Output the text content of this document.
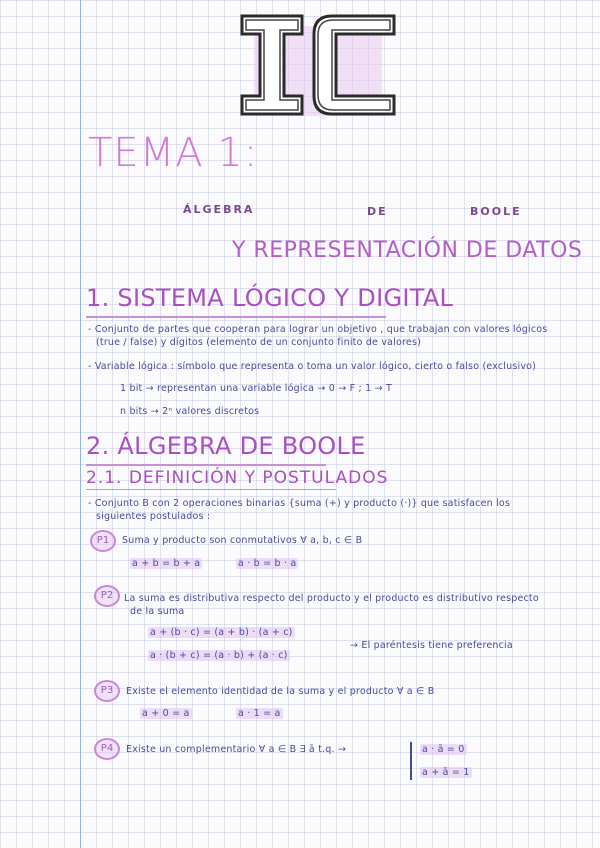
IC
TEMA 1:
ÁLGEBRA	DE	BOOLE
Y REPRESENTACIÓN DE DATOS
1. SISTEMA LÓGICO Y DIGITAL
- Conjunto de partes que cooperan para lograr un objetivo , que trabajan con valores lógicos
(true / false) y dígitos (elemento de un conjunto finito de valores)
- Variable lógica : símbolo que representa o toma un valor lógico, cierto o falso (exclusivo)
1 bit → representan una variable lógica → 0 → F ; 1 → T
n bits → 2ⁿ valores discretos
2. ÁLGEBRA DE BOOLE
2.1. DEFINICIÓN Y POSTULADOS
- Conjunto B con 2 operaciones binarias {suma (+) y producto (·)} que satisfacen los
siguientes postulados :
P1	Suma y producto son conmutativos ∀ a, b, c ∈ B
a + b = b + a	a · b = b · a
P2	La suma es distributiva respecto del producto y el producto es distributivo respecto
de la suma
a + (b · c) = (a + b) · (a + c)
a · (b + c) = (a · b) + (a · c)
→ El paréntesis tiene preferencia
P3	Existe el elemento identidad de la suma y el producto ∀ a ∈ B
a + 0 = a	a · 1 = a
P4	Existe un complementario ∀ a ∈ B ∃ ā t.q. →	a · ā = 0
a + ā = 1
